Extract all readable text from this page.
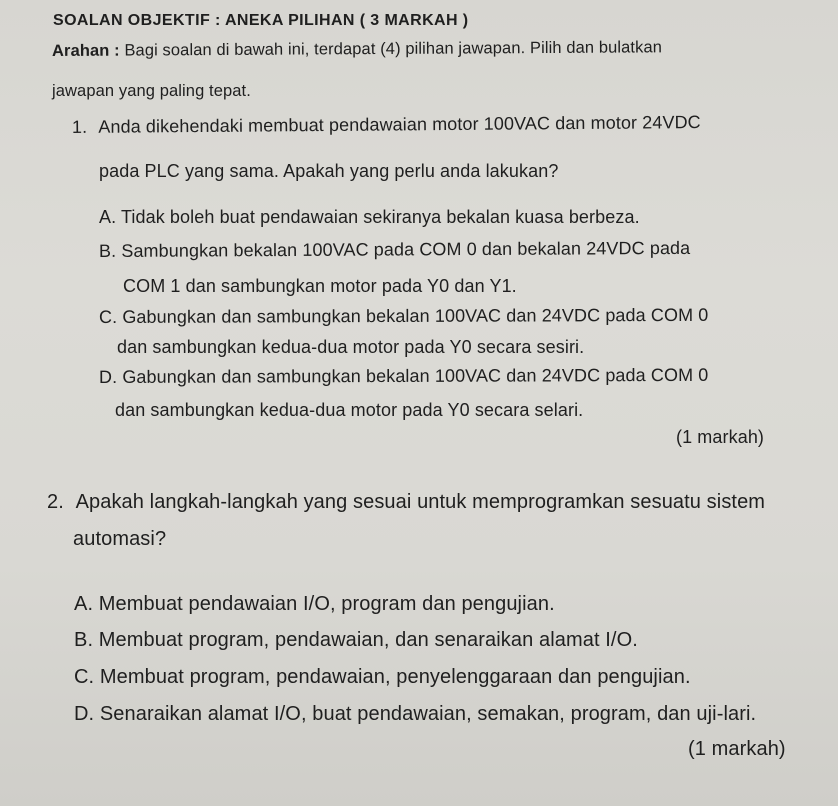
SOALAN OBJEKTIF : ANEKA PILIHAN ( 3 MARKAH )
Arahan : Bagi soalan di bawah ini, terdapat (4) pilihan jawapan. Pilih dan bulatkan
jawapan yang paling tepat.
1. Anda dikehendaki membuat pendawaian motor 100VAC dan motor 24VDC
pada PLC yang sama. Apakah yang perlu anda lakukan?
A. Tidak boleh buat pendawaian sekiranya bekalan kuasa berbeza.
B. Sambungkan bekalan 100VAC pada COM 0 dan bekalan 24VDC pada
COM 1 dan sambungkan motor pada Y0 dan Y1.
C. Gabungkan dan sambungkan bekalan 100VAC dan 24VDC pada COM 0
dan sambungkan kedua-dua motor pada Y0 secara sesiri.
D. Gabungkan dan sambungkan bekalan 100VAC dan 24VDC pada COM 0
dan sambungkan kedua-dua motor pada Y0 secara selari.
(1 markah)
2. Apakah langkah-langkah yang sesuai untuk memprogramkan sesuatu sistem
automasi?
A. Membuat pendawaian I/O, program dan pengujian.
B. Membuat program, pendawaian, dan senaraikan alamat I/O.
C. Membuat program, pendawaian, penyelenggaraan dan pengujian.
D. Senaraikan alamat I/O, buat pendawaian, semakan, program, dan uji-lari.
(1 markah)
